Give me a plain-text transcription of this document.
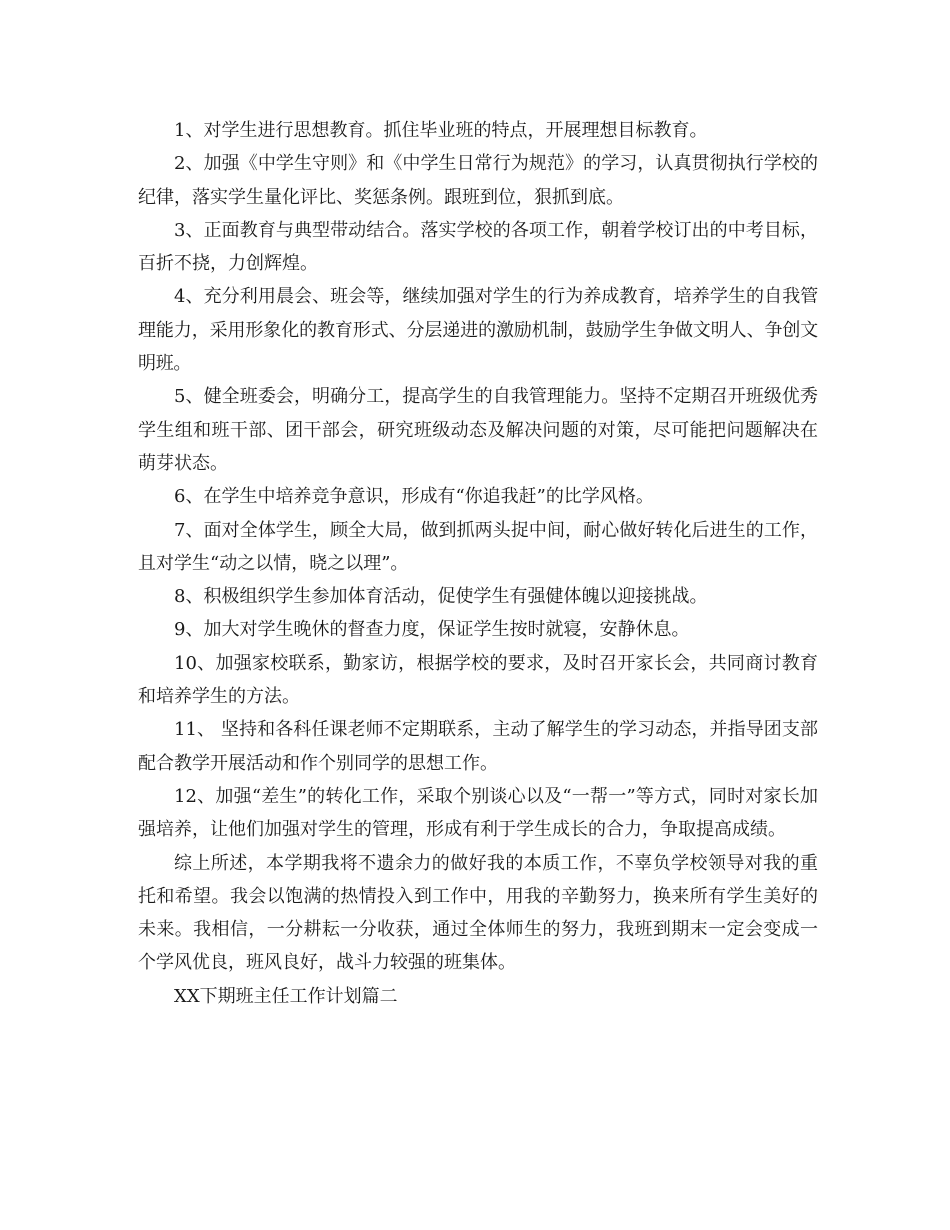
1、对学生进行思想教育。抓住毕业班的特点，开展理想目标教育。

2、加强《中学生守则》和《中学生日常行为规范》的学习，认真贯彻执行学校的纪律，落实学生量化评比、奖惩条例。跟班到位，狠抓到底。

3、正面教育与典型带动结合。落实学校的各项工作，朝着学校订出的中考目标，百折不挠，力创辉煌。

4、充分利用晨会、班会等，继续加强对学生的行为养成教育，培养学生的自我管理能力，采用形象化的教育形式、分层递进的激励机制，鼓励学生争做文明人、争创文明班。

5、健全班委会，明确分工，提高学生的自我管理能力。坚持不定期召开班级优秀学生组和班干部、团干部会，研究班级动态及解决问题的对策，尽可能把问题解决在萌芽状态。

6、在学生中培养竞争意识，形成有“你追我赶”的比学风格。

7、面对全体学生，顾全大局，做到抓两头捉中间，耐心做好转化后进生的工作，且对学生“动之以情，晓之以理”。

8、积极组织学生参加体育活动，促使学生有强健体魄以迎接挑战。

9、加大对学生晚休的督查力度，保证学生按时就寝，安静休息。

10、加强家校联系，勤家访，根据学校的要求，及时召开家长会，共同商讨教育和培养学生的方法。

11、 坚持和各科任课老师不定期联系，主动了解学生的学习动态，并指导团支部配合教学开展活动和作个别同学的思想工作。

12、加强“差生”的转化工作，采取个别谈心以及“一帮一”等方式，同时对家长加强培养，让他们加强对学生的管理，形成有利于学生成长的合力，争取提高成绩。

综上所述，本学期我将不遗余力的做好我的本质工作，不辜负学校领导对我的重托和希望。我会以饱满的热情投入到工作中，用我的辛勤努力，换来所有学生美好的未来。我相信，一分耕耘一分收获，通过全体师生的努力，我班到期末一定会变成一个学风优良，班风良好，战斗力较强的班集体。

XX下期班主任工作计划篇二
